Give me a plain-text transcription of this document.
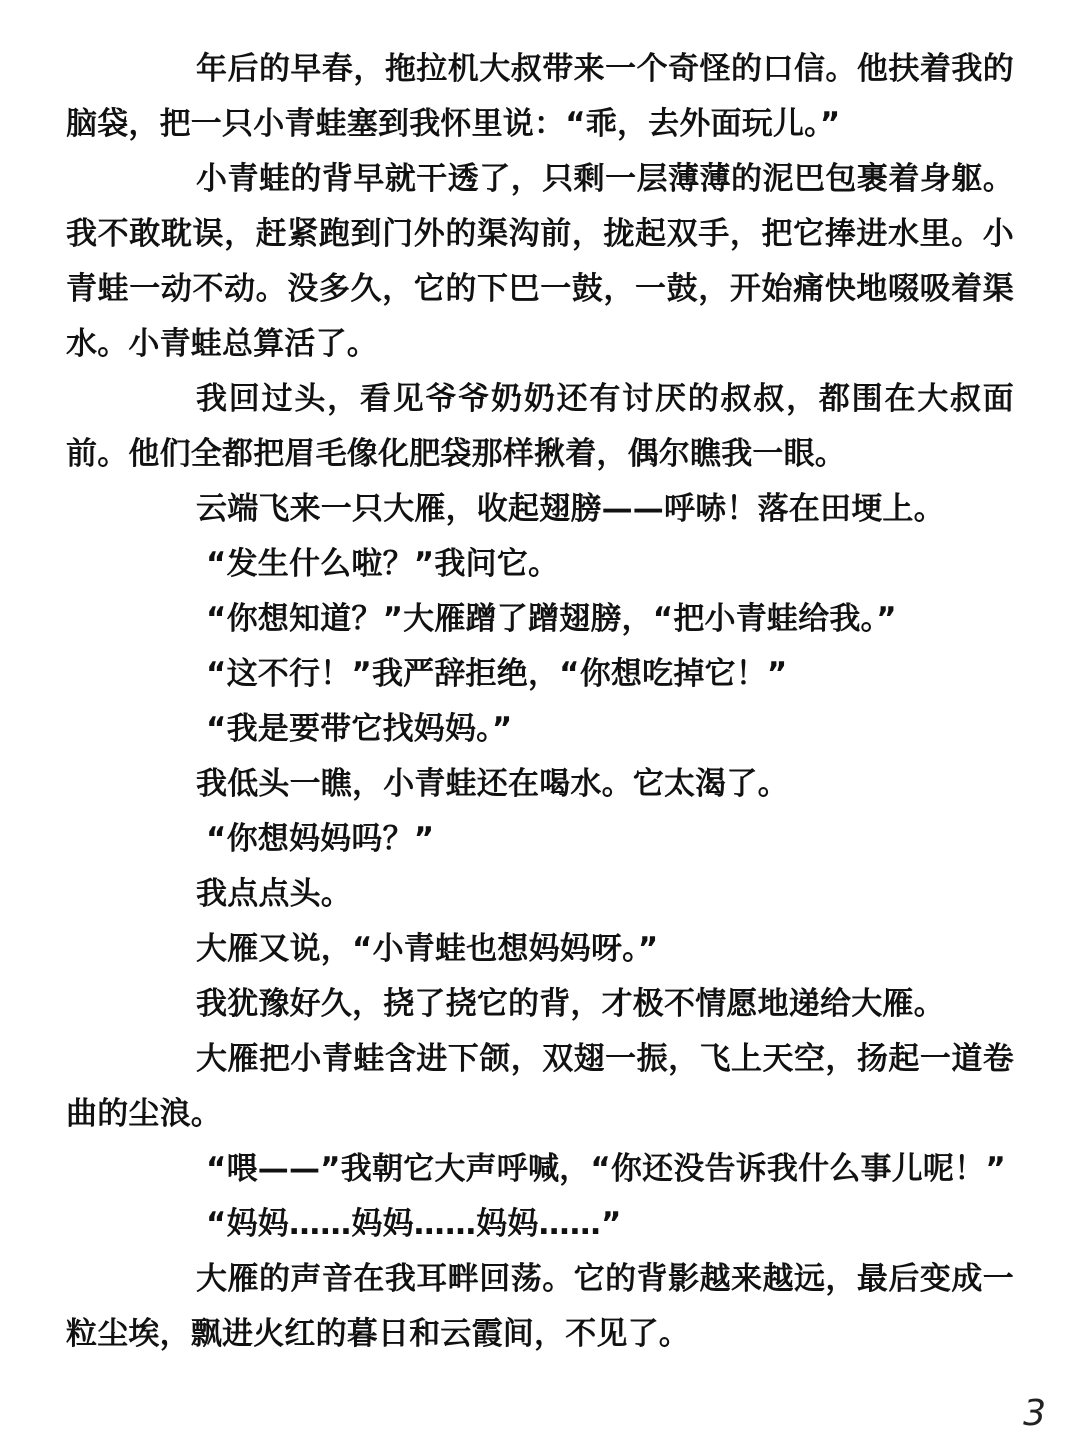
年后的早春，拖拉机大叔带来一个奇怪的口信。他扶着我的脑袋，把一只小青蛙塞到我怀里说：“乖，去外面玩儿。”

小青蛙的背早就干透了，只剩一层薄薄的泥巴包裹着身躯。我不敢耽误，赶紧跑到门外的渠沟前，拢起双手，把它捧进水里。小青蛙一动不动。没多久，它的下巴一鼓，一鼓，开始痛快地啜吸着渠水。小青蛙总算活了。

我回过头，看见爷爷奶奶还有讨厌的叔叔，都围在大叔面前。他们全都把眉毛像化肥袋那样揪着，偶尔瞧我一眼。

云端飞来一只大雁，收起翅膀——呼哧！落在田埂上。

“发生什么啦？”我问它。

“你想知道？”大雁蹭了蹭翅膀，“把小青蛙给我。”

“这不行！”我严辞拒绝，“你想吃掉它！”

“我是要带它找妈妈。”

我低头一瞧，小青蛙还在喝水。它太渴了。

“你想妈妈吗？”

我点点头。

大雁又说，“小青蛙也想妈妈呀。”

我犹豫好久，挠了挠它的背，才极不情愿地递给大雁。

大雁把小青蛙含进下颌，双翅一振，飞上天空，扬起一道卷曲的尘浪。

“喂——”我朝它大声呼喊，“你还没告诉我什么事儿呢！”

“妈妈……妈妈……妈妈……”

大雁的声音在我耳畔回荡。它的背影越来越远，最后变成一粒尘埃，飘进火红的暮日和云霞间，不见了。

3
